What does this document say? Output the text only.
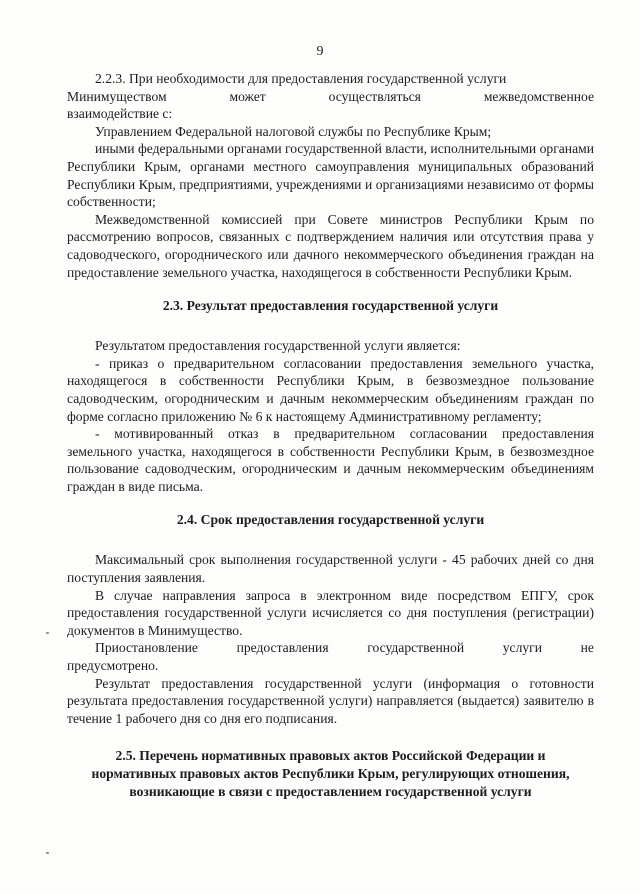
9

2.2.3. При необходимости для предоставления государственной услуги

Минимуществом	может	осуществляться	межведомственное

взаимодействие с:

Управлением Федеральной налоговой службы по Республике Крым;

иными федеральными органами государственной власти, исполнительными органами Республики Крым, органами местного самоуправления муниципальных образований Республики Крым, предприятиями, учреждениями и организациями независимо от формы собственности;

Межведомственной комиссией при Совете министров Республики Крым по рассмотрению вопросов, связанных с подтверждением наличия или отсутствия права у садоводческого, огороднического или дачного некоммерческого объединения граждан на предоставление земельного участка, находящегося в собственности Республики Крым.

2.3. Результат предоставления государственной услуги

Результатом предоставления государственной услуги является:

- приказ о предварительном согласовании предоставления земельного участка, находящегося в собственности Республики Крым, в безвозмездное пользование садоводческим, огородническим и дачным некоммерческим объединениям граждан по форме согласно приложению № 6 к настоящему Административному регламенту;

- мотивированный отказ в предварительном согласовании предоставления земельного участка, находящегося в собственности Республики Крым, в безвозмездное пользование садоводческим, огородническим и дачным некоммерческим объединениям граждан в виде письма.

2.4. Срок предоставления государственной услуги

Максимальный срок выполнения государственной услуги - 45 рабочих дней со дня поступления заявления.

В случае направления запроса в электронном виде посредством ЕПГУ, срок предоставления государственной услуги исчисляется со дня поступления (регистрации) документов в Минимущество.

Приостановление	предоставления	государственной	услуги	не

предусмотрено.

Результат предоставления государственной услуги (информация о готовности результата предоставления государственной услуги) направляется (выдается) заявителю в течение 1 рабочего дня со дня его подписания.

2.5. Перечень нормативных правовых актов Российской Федерации и
нормативных правовых актов Республики Крым, регулирующих отношения,
возникающие в связи с предоставлением государственной услуги
